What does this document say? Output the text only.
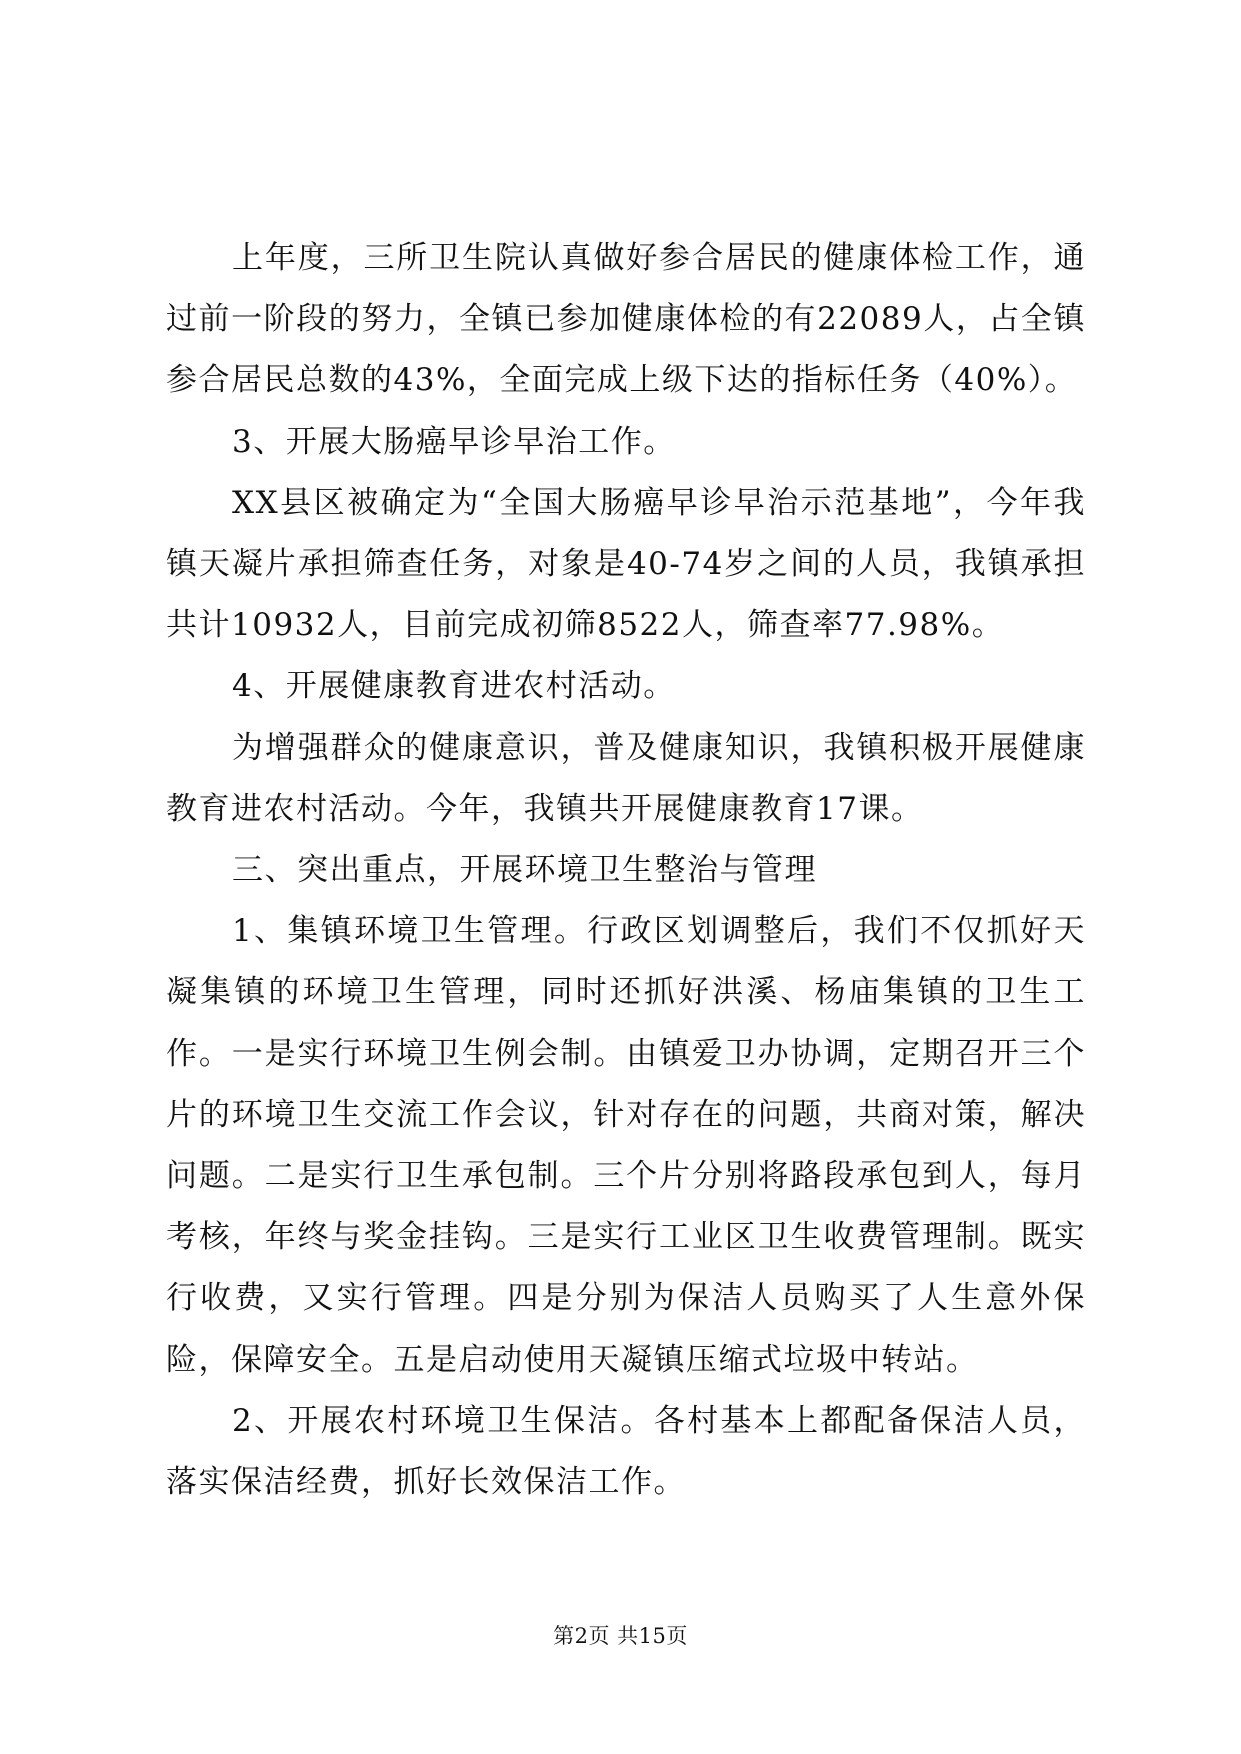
上年度，三所卫生院认真做好参合居民的健康体检工作，通过前一阶段的努力，全镇已参加健康体检的有22089人，占全镇参合居民总数的43%，全面完成上级下达的指标任务（40%）。

3、开展大肠癌早诊早治工作。

XX县区被确定为“全国大肠癌早诊早治示范基地”，今年我镇天凝片承担筛查任务，对象是40-74岁之间的人员，我镇承担共计10932人，目前完成初筛8522人，筛查率77.98%。

4、开展健康教育进农村活动。

为增强群众的健康意识，普及健康知识，我镇积极开展健康教育进农村活动。今年，我镇共开展健康教育17课。

三、突出重点，开展环境卫生整治与管理

1、集镇环境卫生管理。行政区划调整后，我们不仅抓好天凝集镇的环境卫生管理，同时还抓好洪溪、杨庙集镇的卫生工作。一是实行环境卫生例会制。由镇爱卫办协调，定期召开三个片的环境卫生交流工作会议，针对存在的问题，共商对策，解决问题。二是实行卫生承包制。三个片分别将路段承包到人，每月考核，年终与奖金挂钩。三是实行工业区卫生收费管理制。既实行收费，又实行管理。四是分别为保洁人员购买了人生意外保险，保障安全。五是启动使用天凝镇压缩式垃圾中转站。

2、开展农村环境卫生保洁。各村基本上都配备保洁人员，落实保洁经费，抓好长效保洁工作。

第2页 共15页
